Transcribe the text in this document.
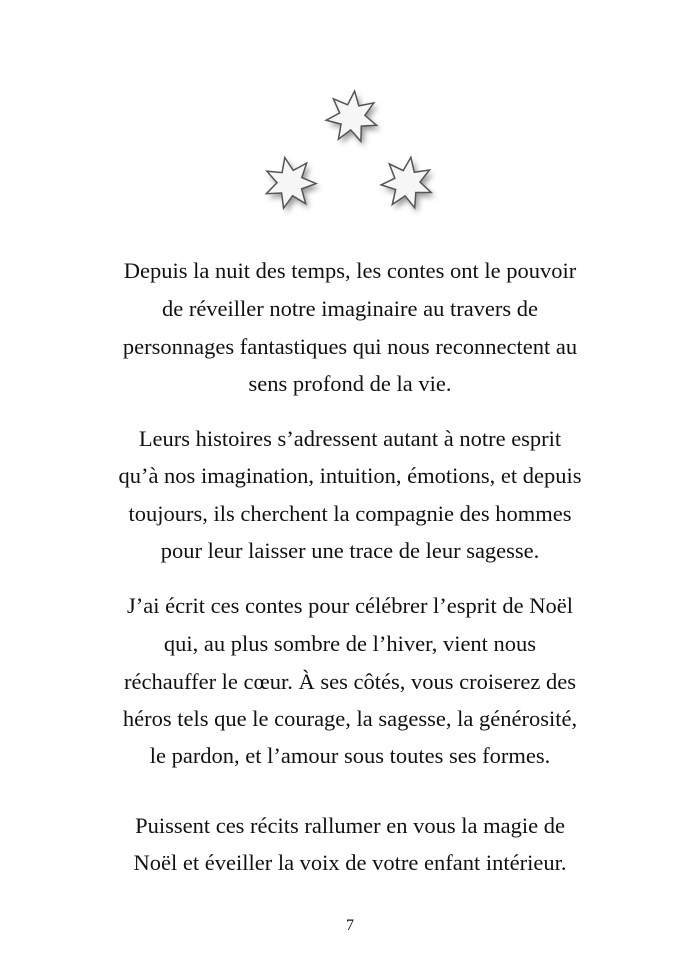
Depuis la nuit des temps, les contes ont le pouvoir
de réveiller notre imaginaire au travers de
personnages fantastiques qui nous reconnectent au
sens profond de la vie.
Leurs histoires s’adressent autant à notre esprit
qu’à nos imagination, intuition, émotions, et depuis
toujours, ils cherchent la compagnie des hommes
pour leur laisser une trace de leur sagesse.
J’ai écrit ces contes pour célébrer l’esprit de Noël
qui, au plus sombre de l’hiver, vient nous
réchauffer le cœur. À ses côtés, vous croiserez des
héros tels que le courage, la sagesse, la générosité,
le pardon, et l’amour sous toutes ses formes.
Puissent ces récits rallumer en vous la magie de
Noël et éveiller la voix de votre enfant intérieur.
7
